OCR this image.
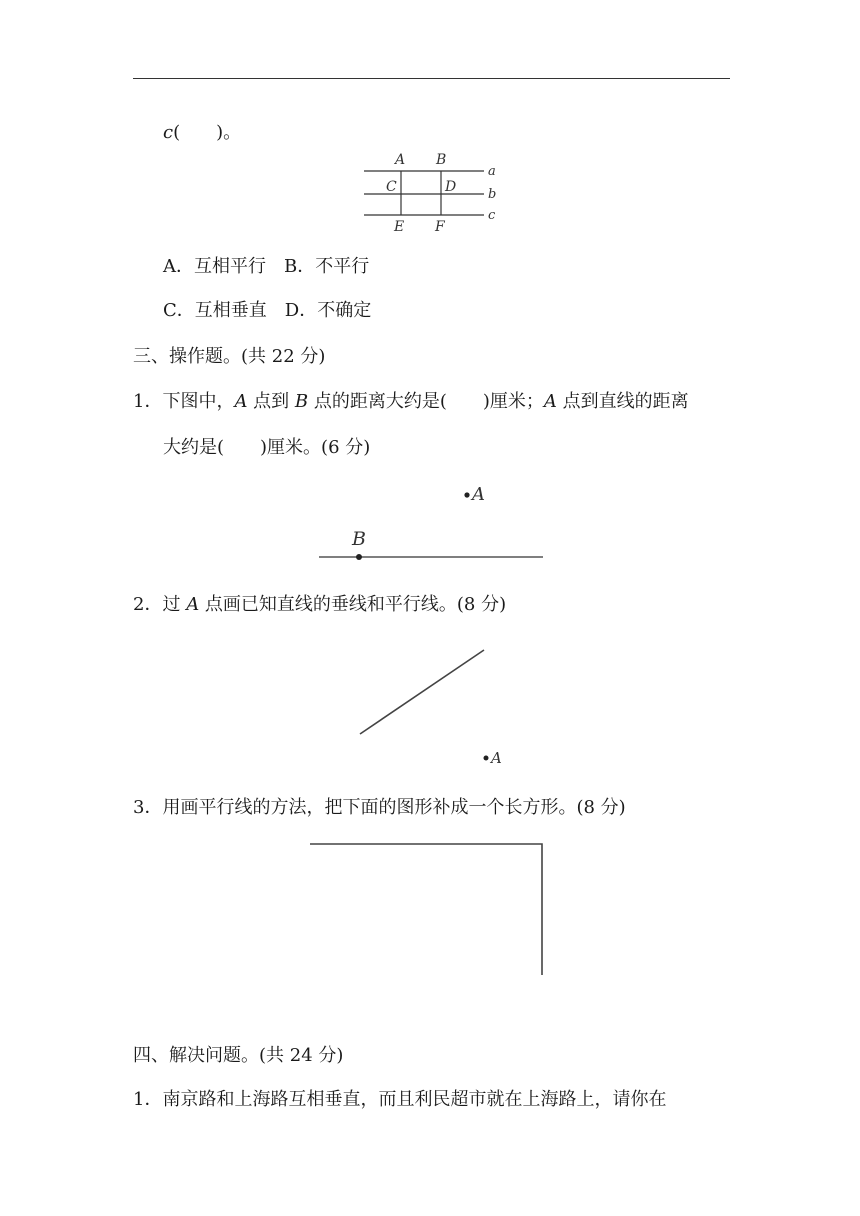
c(　　)。
A B
C	D
E F
a
b
c
A．互相平行　B．不平行
C．互相垂直　D．不确定
三、操作题。(共 22 分)
1．下图中，A 点到 B 点的距离大约是(　　)厘米；A 点到直线的距离
大约是(　　)厘米。(6 分)
A
B
2．过 A 点画已知直线的垂线和平行线。(8 分)
A
3．用画平行线的方法，把下面的图形补成一个长方形。(8 分)
四、解决问题。(共 24 分)
1．南京路和上海路互相垂直，而且利民超市就在上海路上，请你在
